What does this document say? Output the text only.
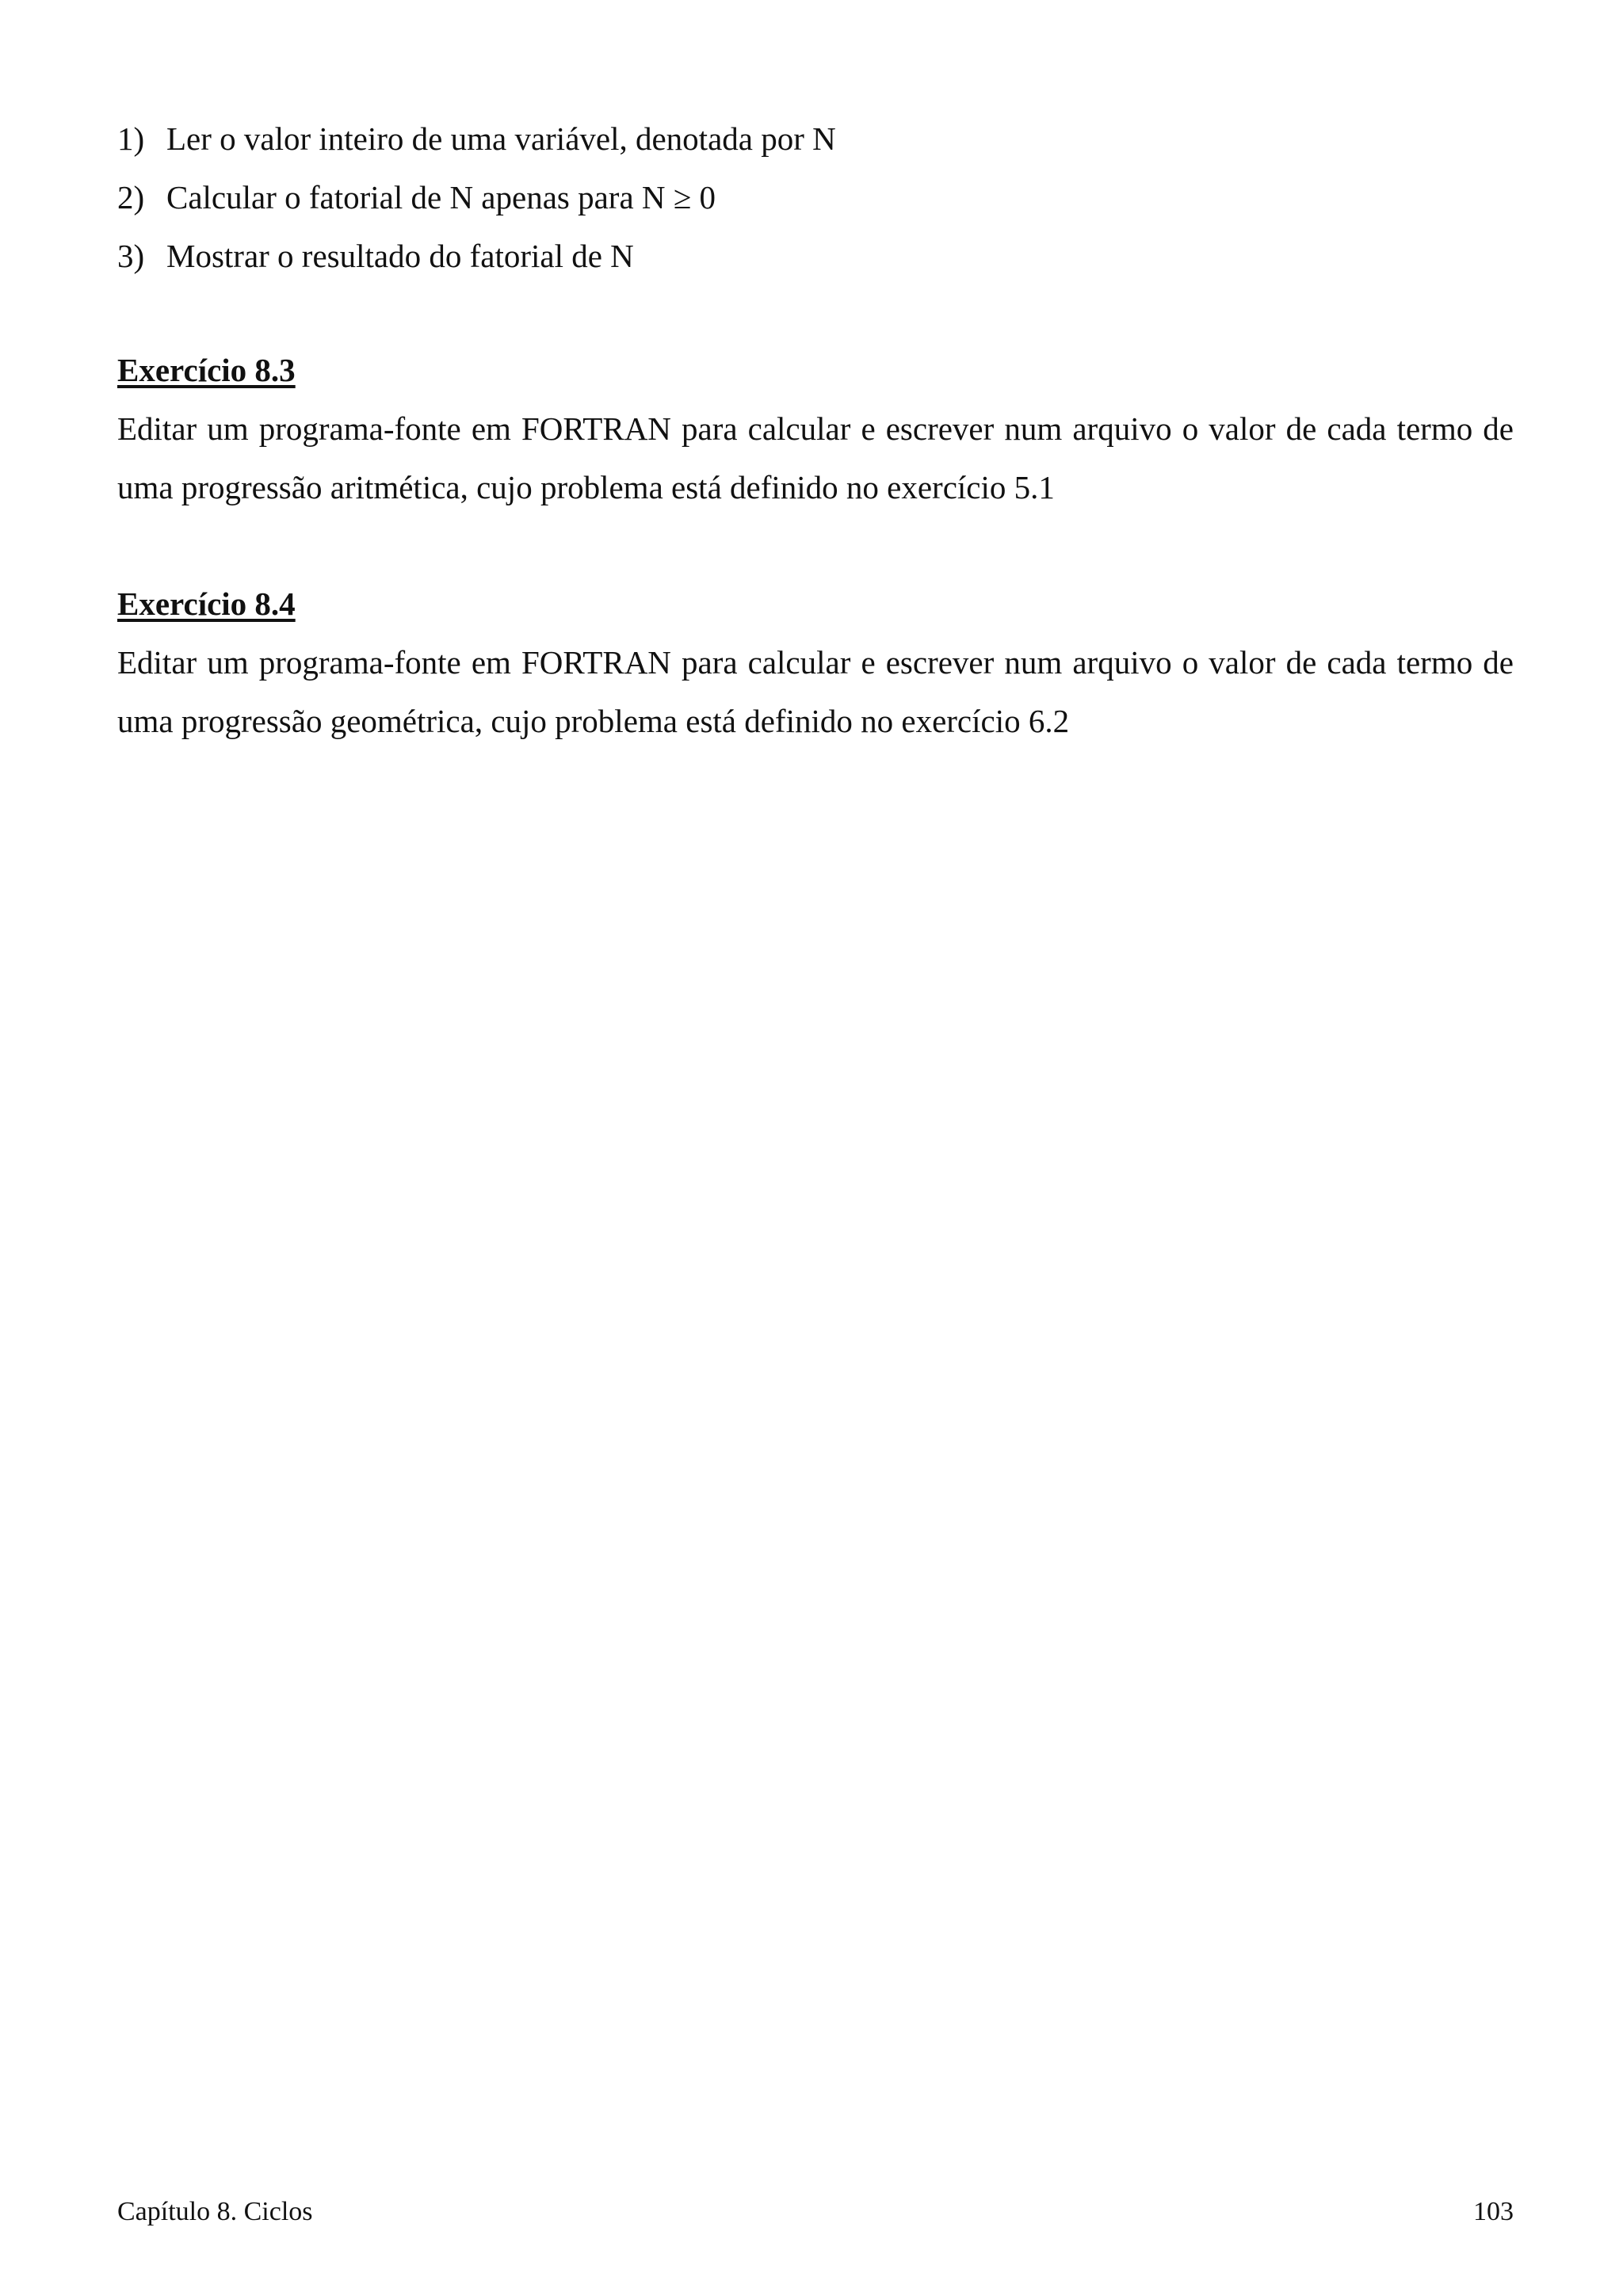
1) Ler o valor inteiro de uma variável, denotada por N
2) Calcular o fatorial de N apenas para N ≥ 0
3) Mostrar o resultado do fatorial de N
Exercício 8.3

Editar um programa-fonte em FORTRAN para calcular e escrever num arquivo o valor de cada termo de uma progressão aritmética, cujo problema está definido no exercício 5.1

Exercício 8.4

Editar um programa-fonte em FORTRAN para calcular e escrever num arquivo o valor de cada termo de uma progressão geométrica, cujo problema está definido no exercício 6.2

Capítulo 8. Ciclos	103
